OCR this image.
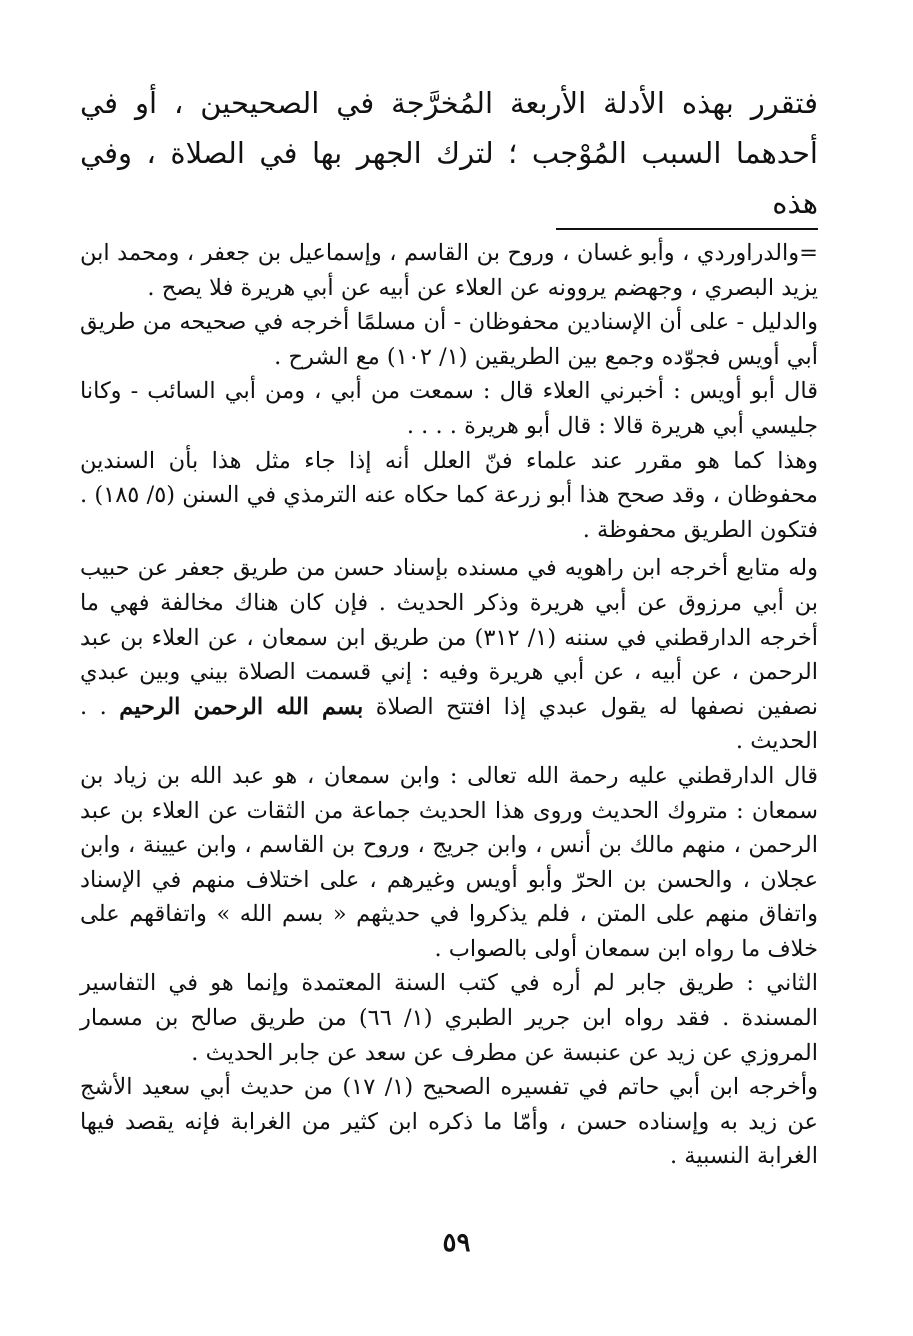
فتقرر بهذه الأدلة الأربعة المُخرَّجة في الصحيحين ، أو في أحدهما السبب المُوْجب ؛ لترك الجهر بها في الصلاة ، وفي هذه

=والدراوردي ، وأبو غسان ، وروح بن القاسم ، وإسماعيل بن جعفر ، ومحمد ابن يزيد البصري ، وجهضم يروونه عن العلاء عن أبيه عن أبي هريرة فلا يصح .

والدليل - على أن الإسنادين محفوظان - أن مسلمًا أخرجه في صحيحه من طريق أبي أويس فجوّده وجمع بين الطريقين (١/ ١٠٢) مع الشرح .

قال أبو أويس : أخبرني العلاء قال : سمعت من أبي ، ومن أبي السائب - وكانا جليسي أبي هريرة قالا : قال أبو هريرة . . . .

وهذا كما هو مقرر عند علماء فنّ العلل أنه إذا جاء مثل هذا بأن السندين محفوظان ، وقد صحح هذا أبو زرعة كما حكاه عنه الترمذي في السنن (٥/ ١٨٥) . فتكون الطريق محفوظة .

وله متابع أخرجه ابن راهويه في مسنده بإسناد حسن من طريق جعفر عن حبيب بن أبي مرزوق عن أبي هريرة وذكر الحديث . فإن كان هناك مخالفة فهي ما أخرجه الدارقطني في سننه (١/ ٣١٢) من طريق ابن سمعان ، عن العلاء بن عبد الرحمن ، عن أبيه ، عن أبي هريرة وفيه : إني قسمت الصلاة بيني وبين عبدي نصفين نصفها له يقول عبدي إذا افتتح الصلاة بسم الله الرحمن الرحيم . . الحديث .

قال الدارقطني عليه رحمة الله تعالى : وابن سمعان ، هو عبد الله بن زياد بن سمعان : متروك الحديث وروى هذا الحديث جماعة من الثقات عن العلاء بن عبد الرحمن ، منهم مالك بن أنس ، وابن جريج ، وروح بن القاسم ، وابن عيينة ، وابن عجلان ، والحسن بن الحرّ وأبو أويس وغيرهم ، على اختلاف منهم في الإسناد واتفاق منهم على المتن ، فلم يذكروا في حديثهم « بسم الله » واتفاقهم على خلاف ما رواه ابن سمعان أولى بالصواب .

الثاني : طريق جابر لم أره في كتب السنة المعتمدة وإنما هو في التفاسير المسندة . فقد رواه ابن جرير الطبري (١/ ٦٦) من طريق صالح بن مسمار المروزي عن زيد عن عنبسة عن مطرف عن سعد عن جابر الحديث .

وأخرجه ابن أبي حاتم في تفسيره الصحيح (١/ ١٧) من حديث أبي سعيد الأشج عن زيد به وإسناده حسن ، وأمّا ما ذكره ابن كثير من الغرابة فإنه يقصد فيها الغرابة النسبية .

٥٩
